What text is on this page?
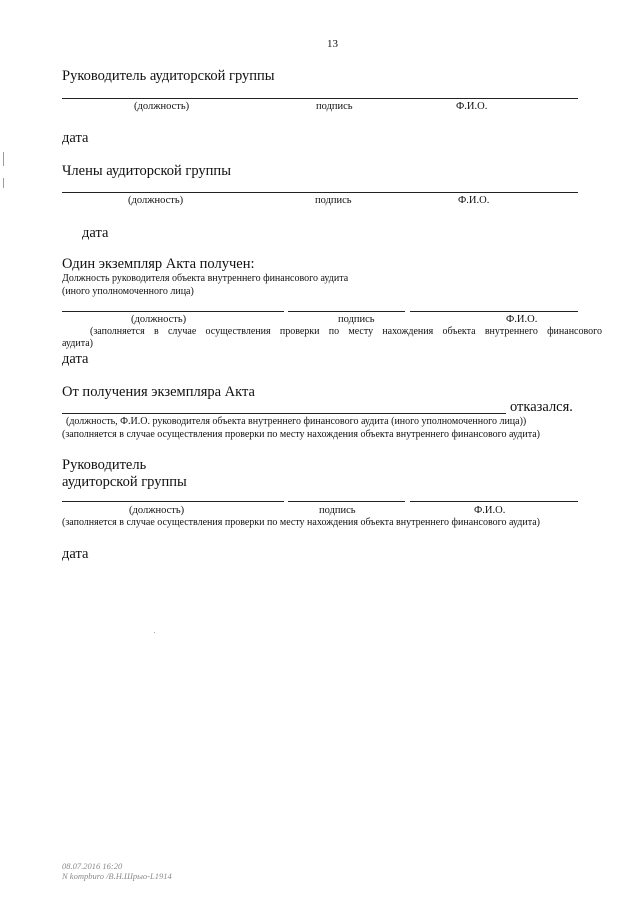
13
Руководитель аудиторской группы
(должность)	подпись	Ф.И.О.
дата
Члены аудиторской группы
(должность)	подпись	Ф.И.О.
дата
Один экземпляр Акта получен:
Должность руководителя объекта внутреннего финансового аудита
(иного уполномоченного лица)
(должность)	подпись	Ф.И.О.
(заполняется в случае осуществления проверки по месту нахождения объекта внутреннего финансового
аудита)
дата
От получения экземпляра Акта
отказался.
(должность, Ф.И.О. руководителя объекта внутреннего финансового аудита (иного уполномоченного лица))
(заполняется в случае осуществления проверки по месту нахождения объекта внутреннего финансового аудита)
Руководитель
аудиторской группы
(должность)	подпись	Ф.И.О.
(заполняется в случае осуществления проверки по месту нахождения объекта внутреннего финансового аудита)
дата
08.07.2016 16:20
N kompburo /В.Н.Шрыо-L1914
